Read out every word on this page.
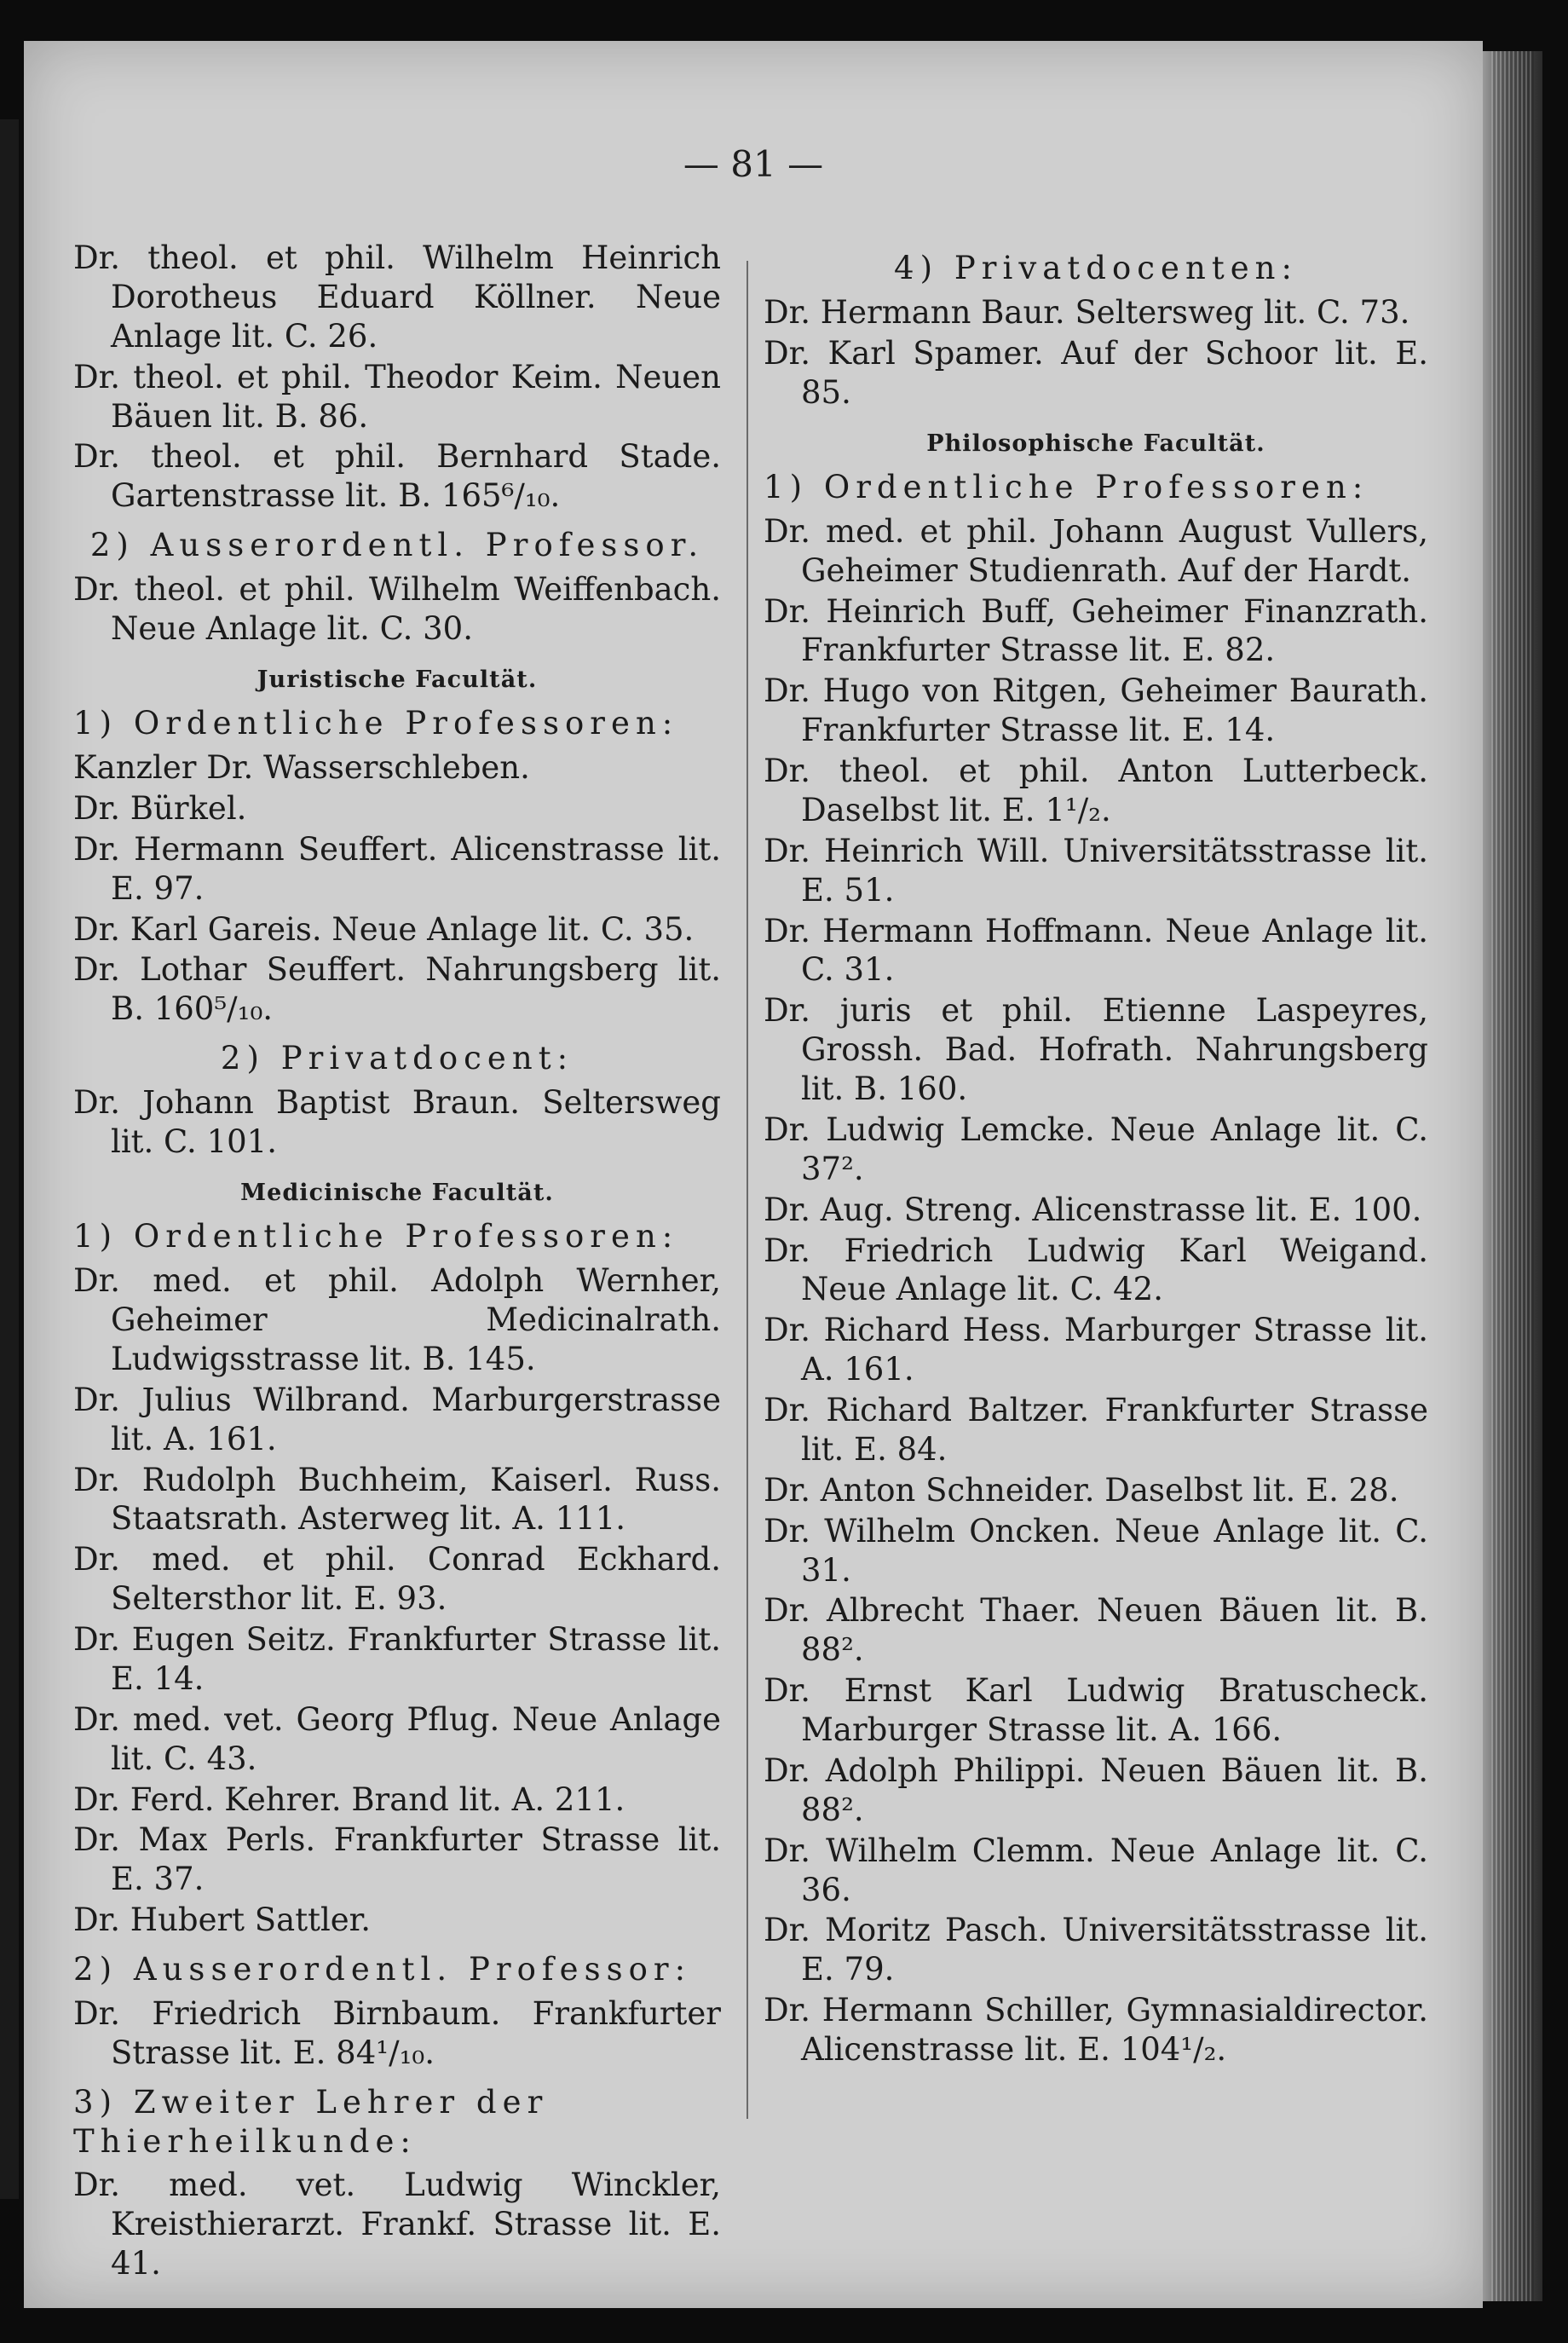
— 81 —

Dr. theol. et phil. Wilhelm Heinrich Dorotheus Eduard Köllner. Neue Anlage lit. C. 26.

Dr. theol. et phil. Theodor Keim. Neuen Bäuen lit. B. 86.

Dr. theol. et phil. Bernhard Stade. Gartenstrasse lit. B. 165⁶/₁₀.

2) Ausserordentl. Professor.

Dr. theol. et phil. Wilhelm Weiffenbach. Neue Anlage lit. C. 30.

Juristische Facultät.
1) Ordentliche Professoren:

Kanzler Dr. Wasserschleben.

Dr. Bürkel.

Dr. Hermann Seuffert. Alicenstrasse lit. E. 97.

Dr. Karl Gareis. Neue Anlage lit. C. 35.

Dr. Lothar Seuffert. Nahrungsberg lit. B. 160⁵/₁₀.

2) Privatdocent:

Dr. Johann Baptist Braun. Seltersweg lit. C. 101.

Medicinische Facultät.
1) Ordentliche Professoren:

Dr. med. et phil. Adolph Wernher, Geheimer Medicinalrath. Ludwigsstrasse lit. B. 145.

Dr. Julius Wilbrand. Marburgerstrasse lit. A. 161.

Dr. Rudolph Buchheim, Kaiserl. Russ. Staatsrath. Asterweg lit. A. 111.

Dr. med. et phil. Conrad Eckhard. Seltersthor lit. E. 93.

Dr. Eugen Seitz. Frankfurter Strasse lit. E. 14.

Dr. med. vet. Georg Pflug. Neue Anlage lit. C. 43.

Dr. Ferd. Kehrer. Brand lit. A. 211.

Dr. Max Perls. Frankfurter Strasse lit. E. 37.

Dr. Hubert Sattler.

2) Ausserordentl. Professor:

Dr. Friedrich Birnbaum. Frankfurter Strasse lit. E. 84¹/₁₀.

3) Zweiter Lehrer der Thierheilkunde:

Dr. med. vet. Ludwig Winckler, Kreisthierarzt. Frankf. Strasse lit. E. 41.

4) Privatdocenten:

Dr. Hermann Baur. Seltersweg lit. C. 73.

Dr. Karl Spamer. Auf der Schoor lit. E. 85.

Philosophische Facultät.
1) Ordentliche Professoren:

Dr. med. et phil. Johann August Vullers, Geheimer Studienrath. Auf der Hardt.

Dr. Heinrich Buff, Geheimer Finanzrath. Frankfurter Strasse lit. E. 82.

Dr. Hugo von Ritgen, Geheimer Baurath. Frankfurter Strasse lit. E. 14.

Dr. theol. et phil. Anton Lutterbeck. Daselbst lit. E. 1¹/₂.

Dr. Heinrich Will. Universitätsstrasse lit. E. 51.

Dr. Hermann Hoffmann. Neue Anlage lit. C. 31.

Dr. juris et phil. Etienne Laspeyres, Grossh. Bad. Hofrath. Nahrungsberg lit. B. 160.

Dr. Ludwig Lemcke. Neue Anlage lit. C. 37².

Dr. Aug. Streng. Alicenstrasse lit. E. 100.

Dr. Friedrich Ludwig Karl Weigand. Neue Anlage lit. C. 42.

Dr. Richard Hess. Marburger Strasse lit. A. 161.

Dr. Richard Baltzer. Frankfurter Strasse lit. E. 84.

Dr. Anton Schneider. Daselbst lit. E. 28.

Dr. Wilhelm Oncken. Neue Anlage lit. C. 31.

Dr. Albrecht Thaer. Neuen Bäuen lit. B. 88².

Dr. Ernst Karl Ludwig Bratuscheck. Marburger Strasse lit. A. 166.

Dr. Adolph Philippi. Neuen Bäuen lit. B. 88².

Dr. Wilhelm Clemm. Neue Anlage lit. C. 36.

Dr. Moritz Pasch. Universitätsstrasse lit. E. 79.

Dr. Hermann Schiller, Gymnasialdirector. Alicenstrasse lit. E. 104¹/₂.
